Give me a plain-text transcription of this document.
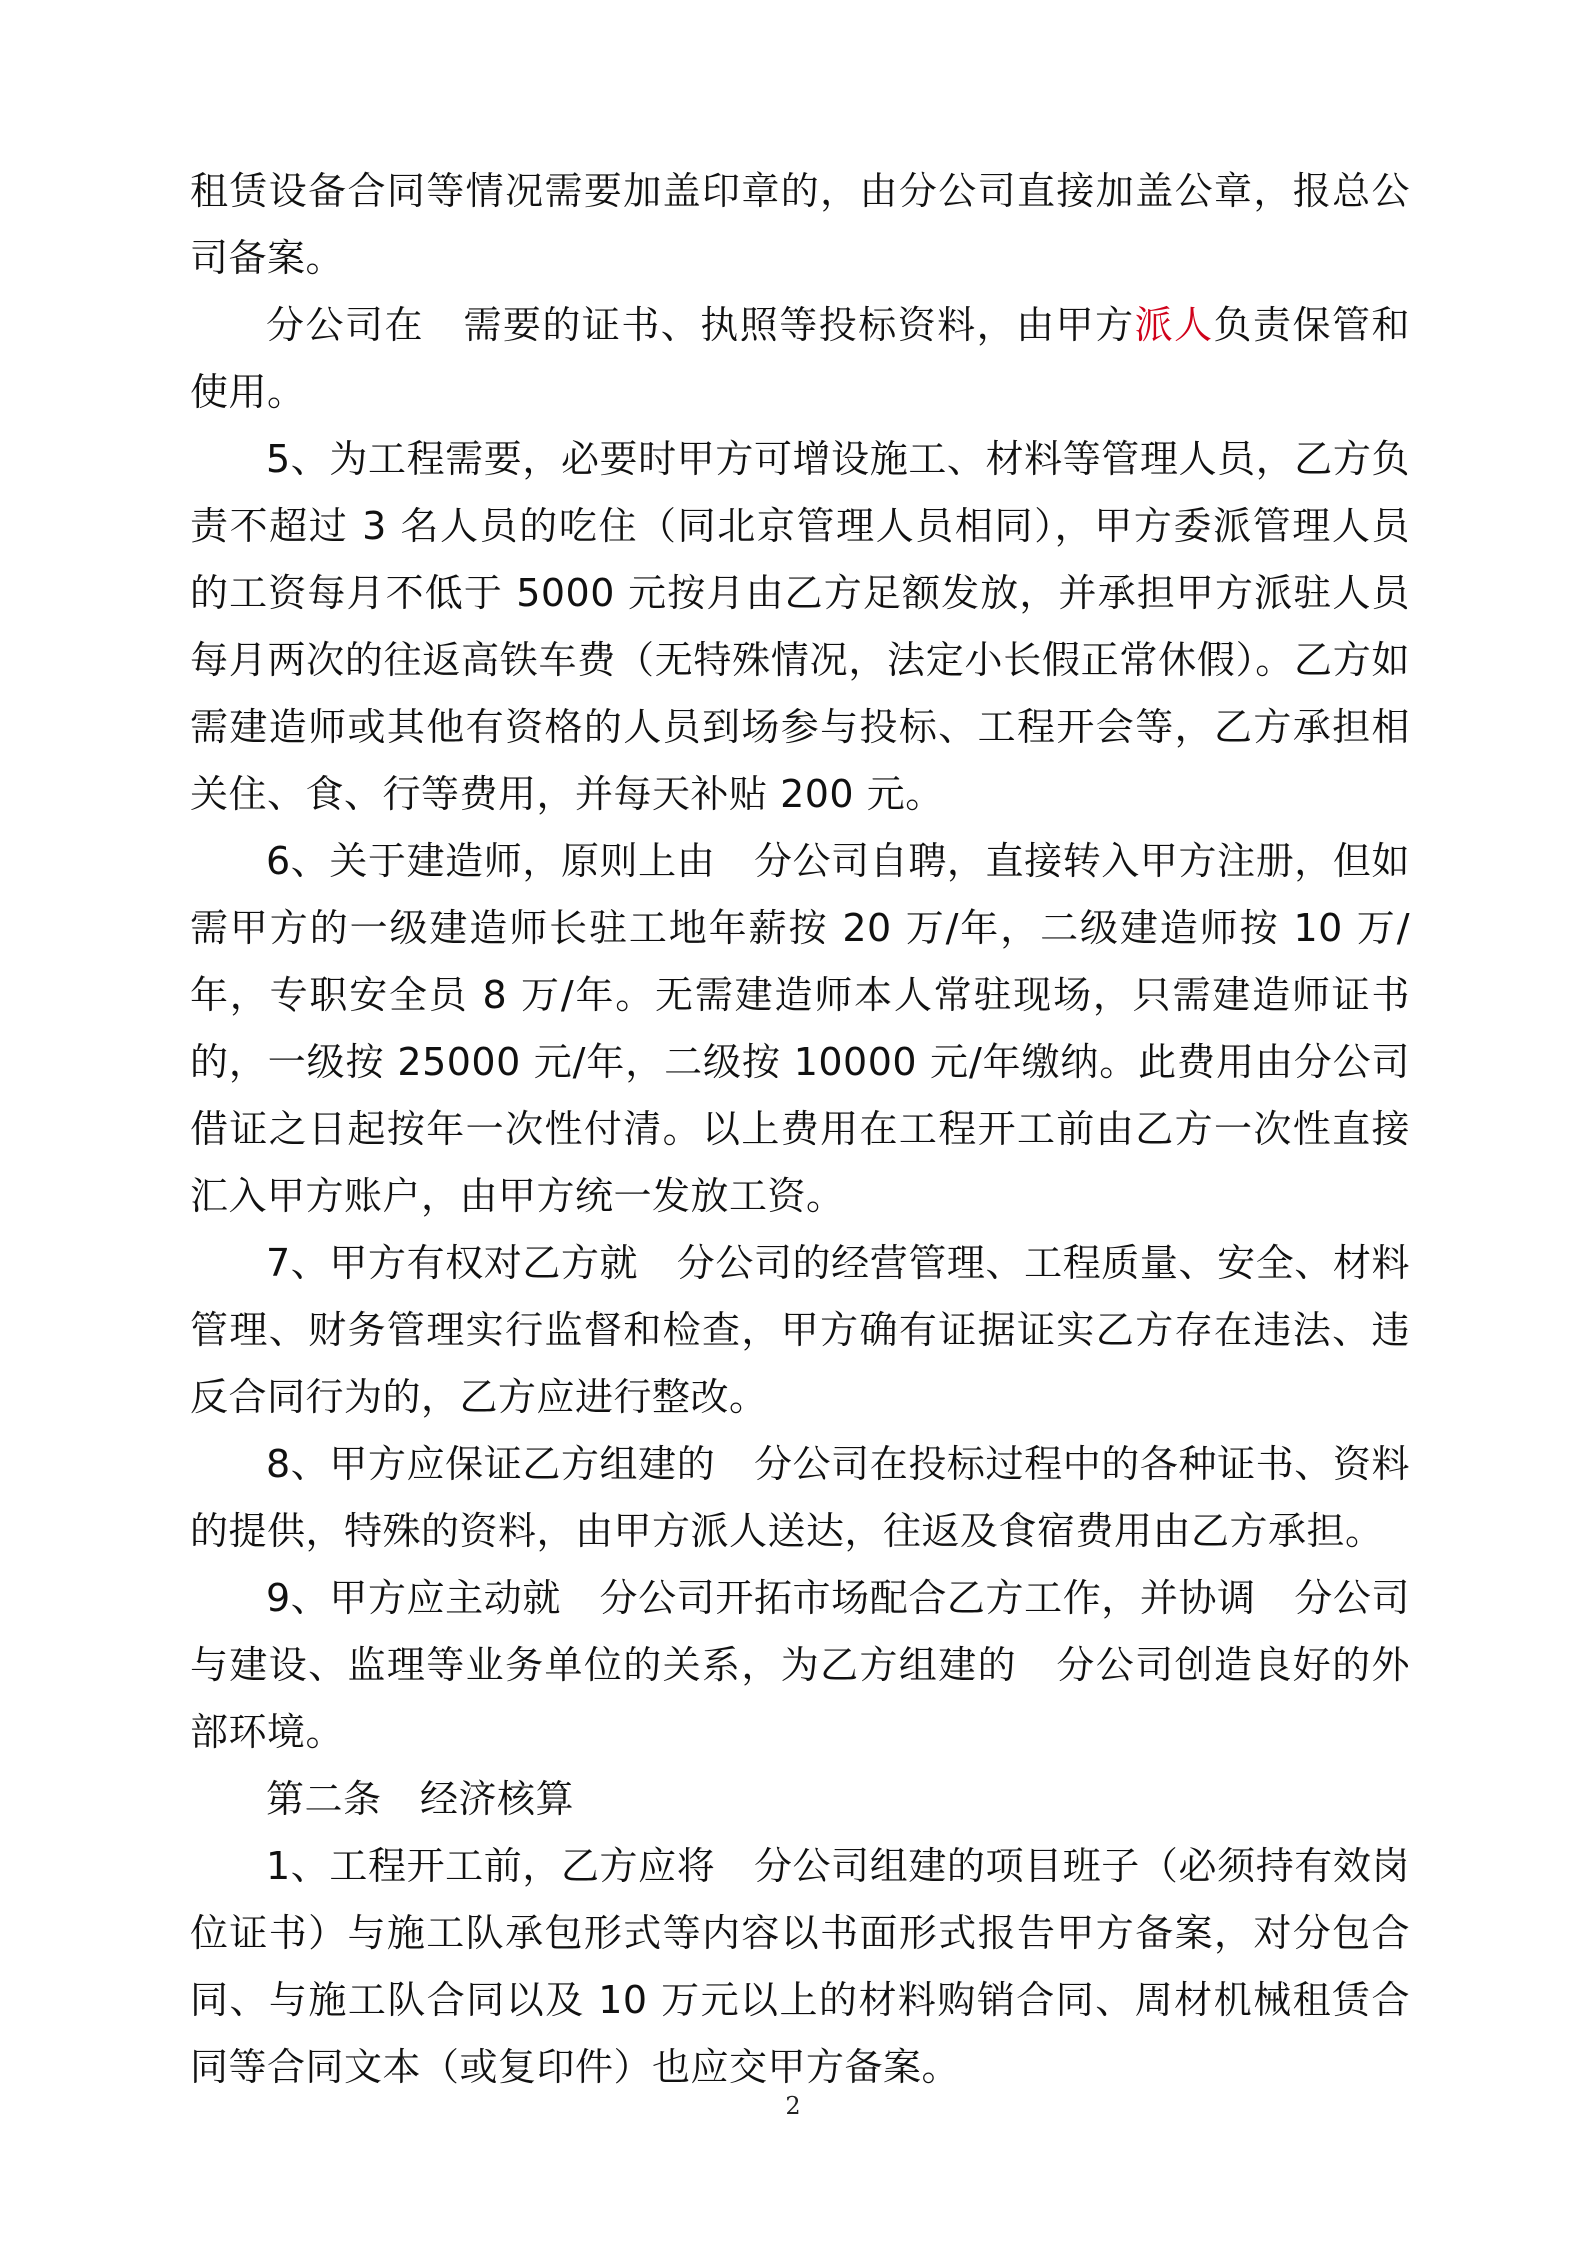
租赁设备合同等情况需要加盖印章的，由分公司直接加盖公章，报总公司备案。

分公司在　需要的证书、执照等投标资料，由甲方派人负责保管和使用。

5、为工程需要，必要时甲方可增设施工、材料等管理人员，乙方负责不超过 3 名人员的吃住（同北京管理人员相同），甲方委派管理人员的工资每月不低于 5000 元按月由乙方足额发放，并承担甲方派驻人员每月两次的往返高铁车费（无特殊情况，法定小长假正常休假）。乙方如需建造师或其他有资格的人员到场参与投标、工程开会等，乙方承担相关住、食、行等费用，并每天补贴 200 元。

6、关于建造师，原则上由　分公司自聘，直接转入甲方注册，但如需甲方的一级建造师长驻工地年薪按 20 万/年，二级建造师按 10 万/年，专职安全员 8 万/年。无需建造师本人常驻现场，只需建造师证书的，一级按 25000 元/年，二级按 10000 元/年缴纳。此费用由分公司借证之日起按年一次性付清。以上费用在工程开工前由乙方一次性直接汇入甲方账户，由甲方统一发放工资。

7、甲方有权对乙方就　分公司的经营管理、工程质量、安全、材料管理、财务管理实行监督和检查，甲方确有证据证实乙方存在违法、违反合同行为的，乙方应进行整改。

8、甲方应保证乙方组建的　分公司在投标过程中的各种证书、资料的提供，特殊的资料，由甲方派人送达，往返及食宿费用由乙方承担。

9、甲方应主动就　分公司开拓市场配合乙方工作，并协调　分公司与建设、监理等业务单位的关系，为乙方组建的　分公司创造良好的外部环境。

第二条　经济核算

1、工程开工前，乙方应将　分公司组建的项目班子（必须持有效岗位证书）与施工队承包形式等内容以书面形式报告甲方备案，对分包合同、与施工队合同以及 10 万元以上的材料购销合同、周材机械租赁合同等合同文本（或复印件）也应交甲方备案。

2
